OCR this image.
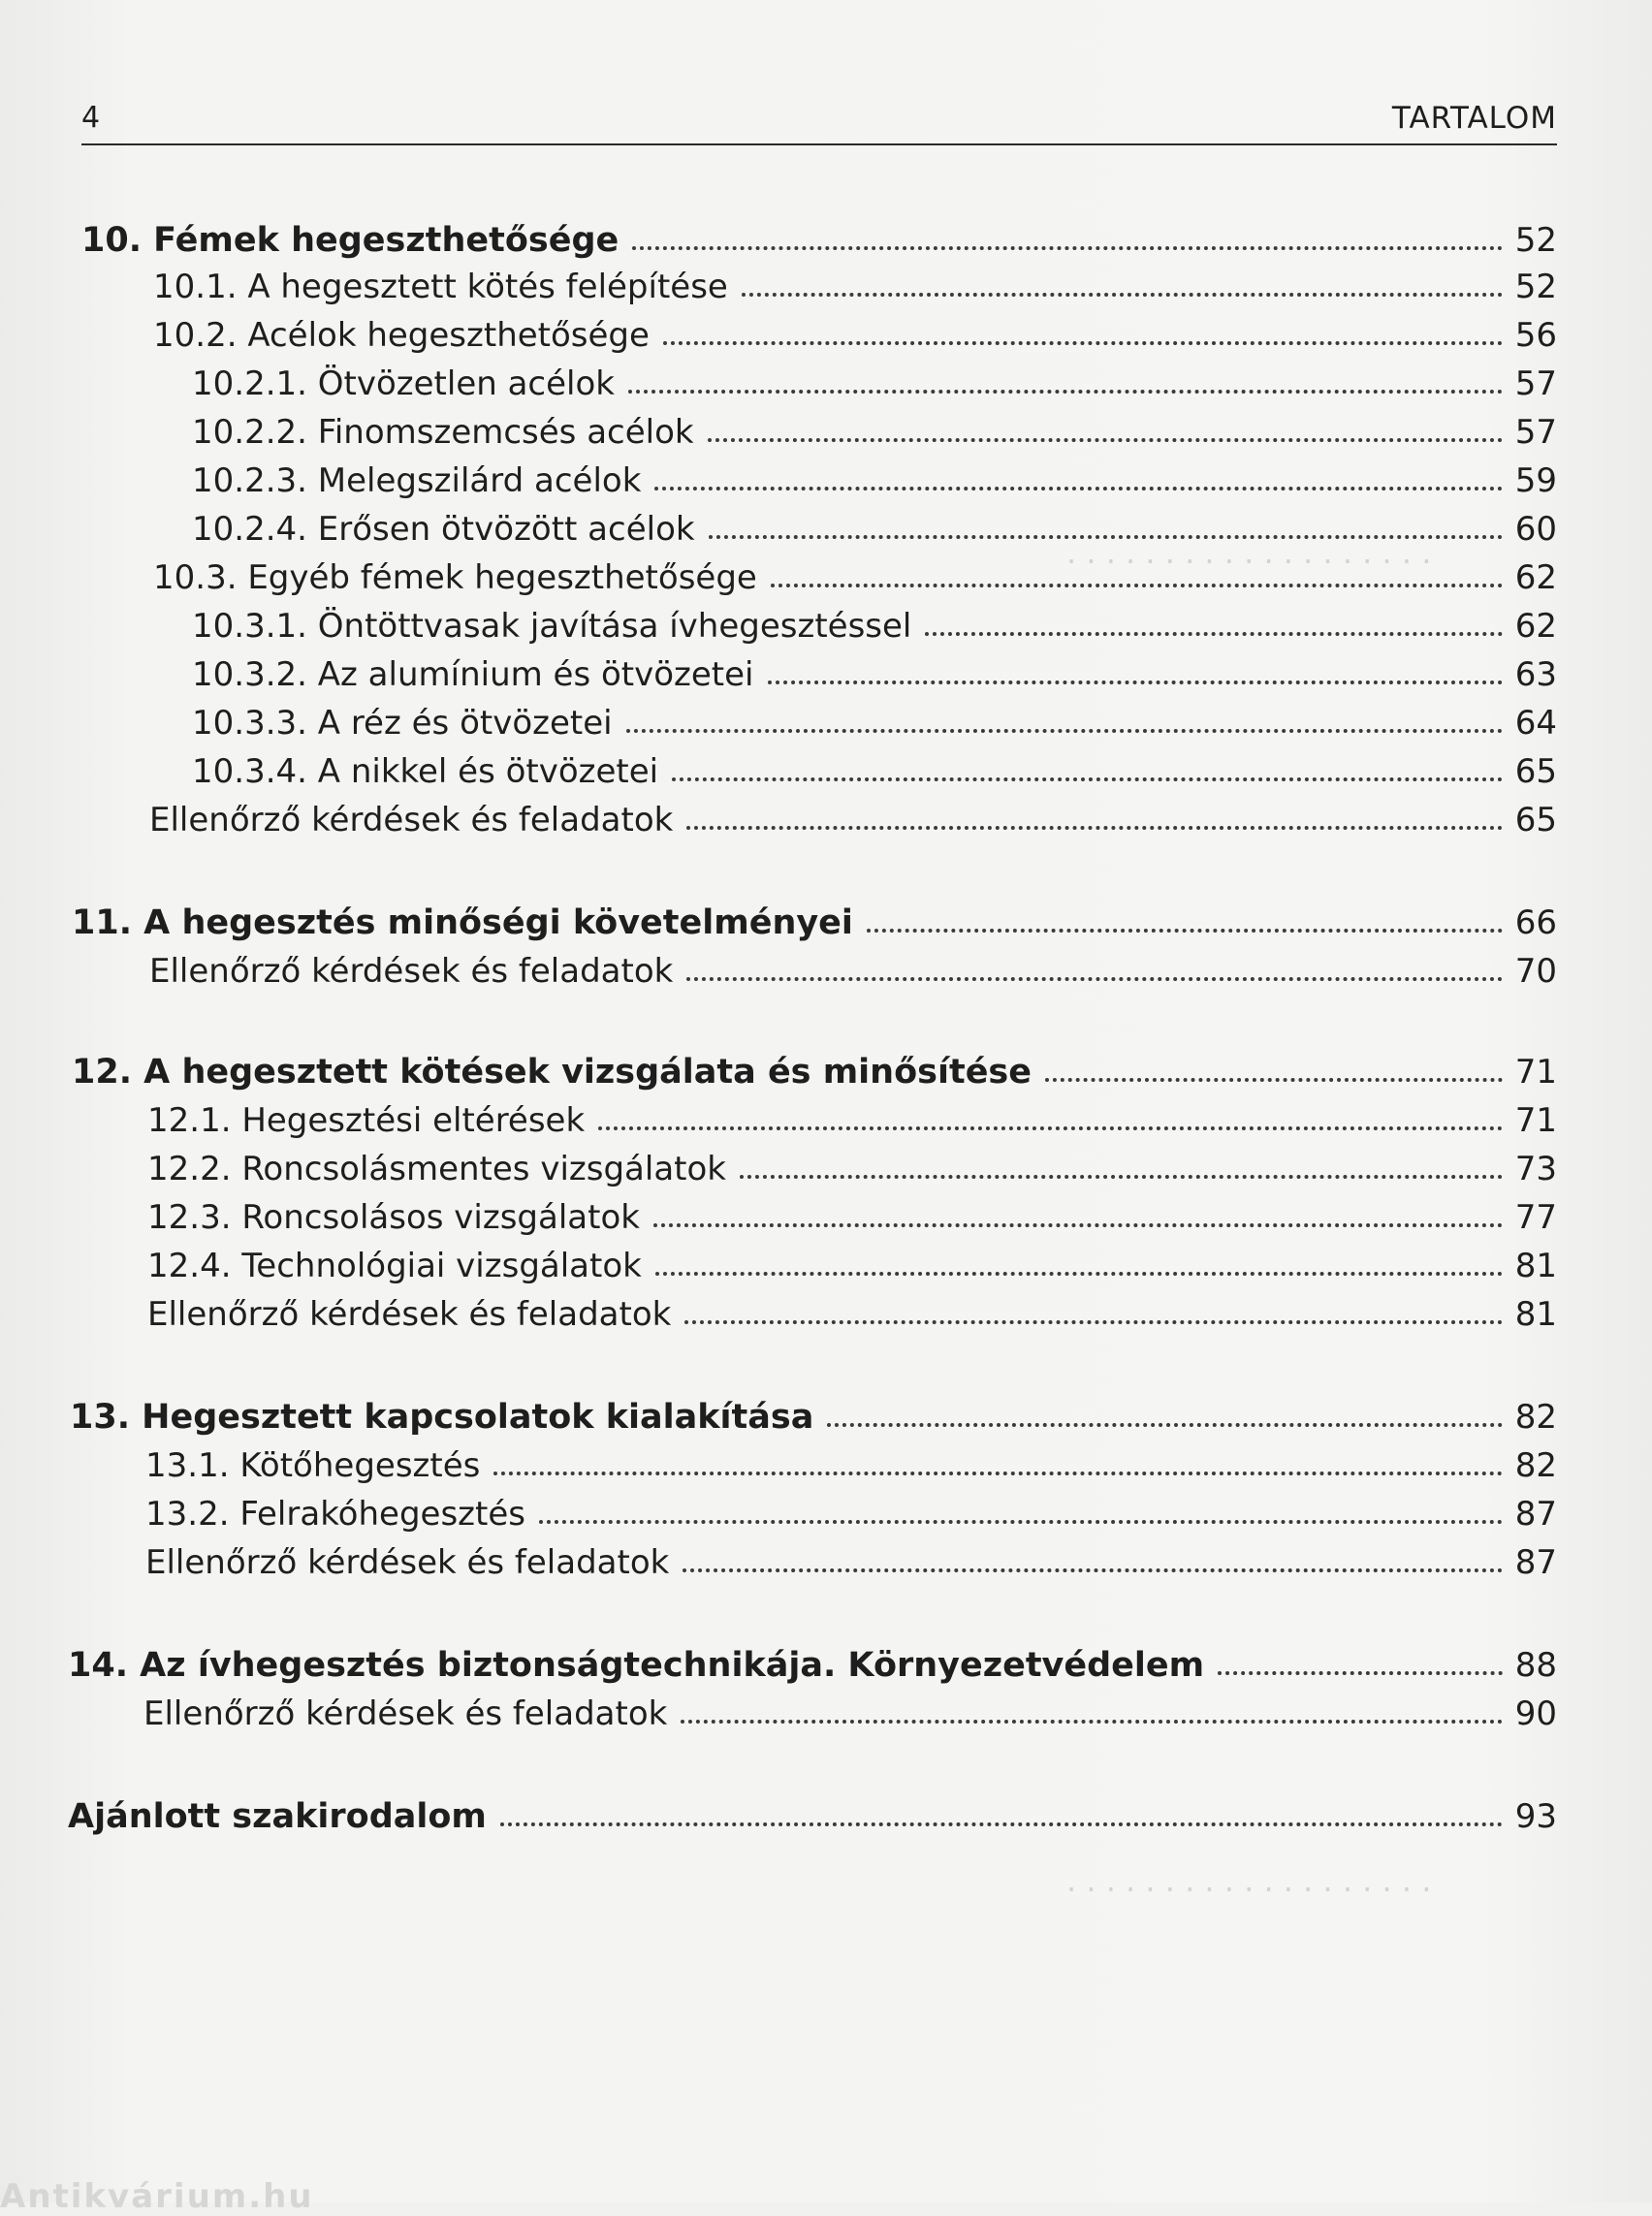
4	TARTALOM
· · · · · · · · · · · · · · · · · · ·
· · · · · · · · · · · · · · · · · · ·
10. Fémek hegeszthetősége	52
10.1. A hegesztett kötés felépítése	52
10.2. Acélok hegeszthetősége	56
10.2.1. Ötvözetlen acélok	57
10.2.2. Finomszemcsés acélok	57
10.2.3. Melegszilárd acélok	59
10.2.4. Erősen ötvözött acélok	60
10.3. Egyéb fémek hegeszthetősége	62
10.3.1. Öntöttvasak javítása ívhegesztéssel	62
10.3.2. Az alumínium és ötvözetei	63
10.3.3. A réz és ötvözetei	64
10.3.4. A nikkel és ötvözetei	65
Ellenőrző kérdések és feladatok	65
11. A hegesztés minőségi követelményei	66
Ellenőrző kérdések és feladatok	70
12. A hegesztett kötések vizsgálata és minősítése	71
12.1. Hegesztési eltérések	71
12.2. Roncsolásmentes vizsgálatok	73
12.3. Roncsolásos vizsgálatok	77
12.4. Technológiai vizsgálatok	81
Ellenőrző kérdések és feladatok	81
13. Hegesztett kapcsolatok kialakítása	82
13.1. Kötőhegesztés	82
13.2. Felrakóhegesztés	87
Ellenőrző kérdések és feladatok	87
14. Az ívhegesztés biztonságtechnikája. Környezetvédelem	88
Ellenőrző kérdések és feladatok	90
Ajánlott szakirodalom	93
Antikvárium.hu
